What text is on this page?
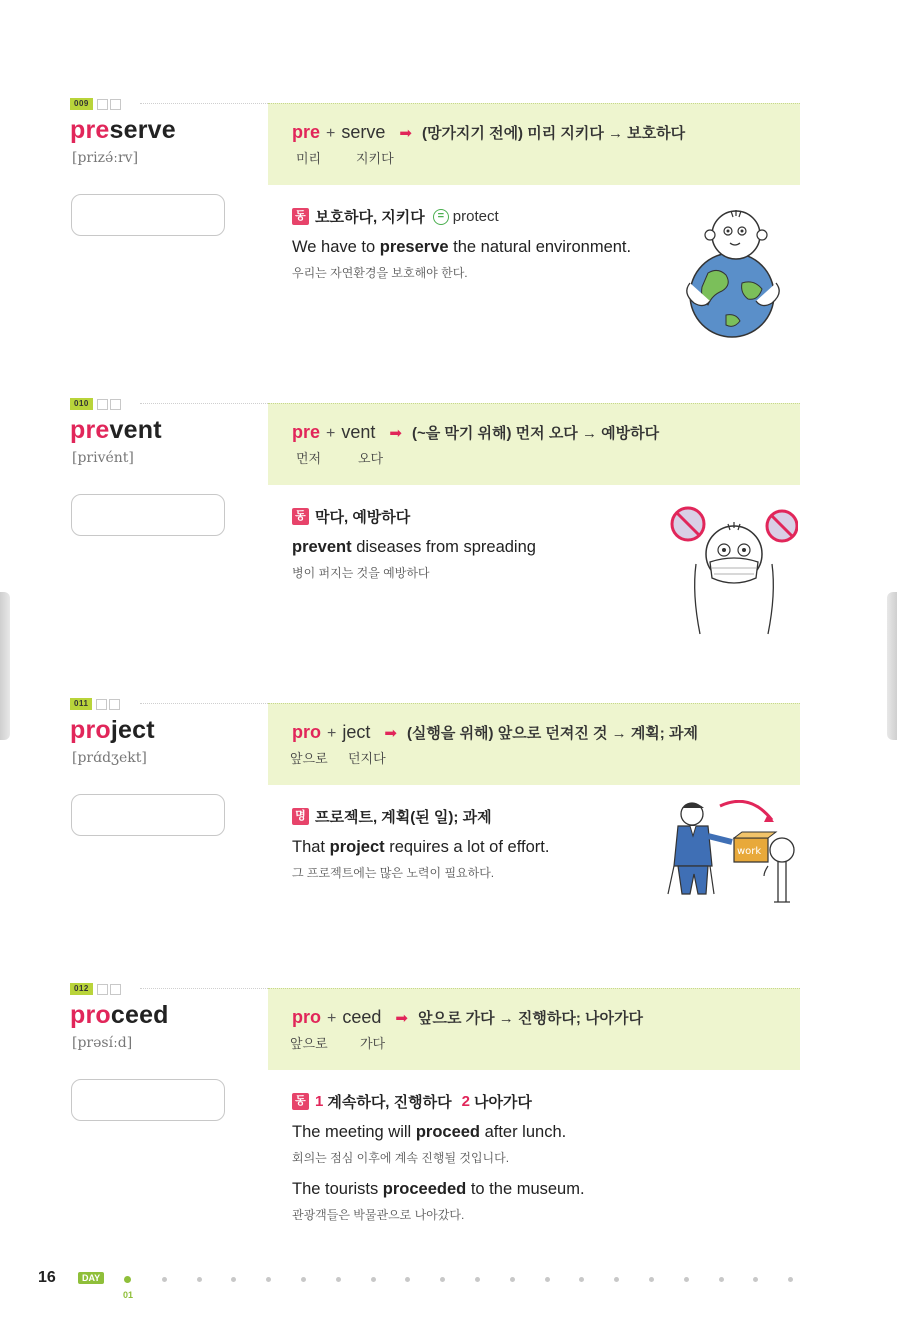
009
preserve
[prizə́ːrv]
pre + serve ➡ (망가지기 전에) 미리 지키다 → 보호하다
미리	지키다
동 보호하다, 지키다	= protect
We have to preserve the natural environment.
우리는 자연환경을 보호해야 한다.
010
prevent
[privént]
pre + vent ➡ (~을 막기 위해) 먼저 오다 → 예방하다
먼저	오다
동 막다, 예방하다
prevent diseases from spreading
병이 퍼지는 것을 예방하다
011
project
[prɑ́dʒekt]
pro + ject ➡ (실행을 위해) 앞으로 던져진 것 → 계획; 과제
앞으로 던지다
명 프로젝트, 계획(된 일); 과제
That project requires a lot of effort.
그 프로젝트에는 많은 노력이 필요하다.
work
012
proceed
[prəsíːd]
pro + ceed ➡ 앞으로 가다 → 진행하다; 나아가다
앞으로 가다
동 1 계속하다, 진행하다 2 나아가다
The meeting will proceed after lunch.
회의는 점심 이후에 계속 진행될 것입니다.
The tourists proceeded to the museum.
관광객들은 박물관으로 나아갔다.
16	DAY
01
